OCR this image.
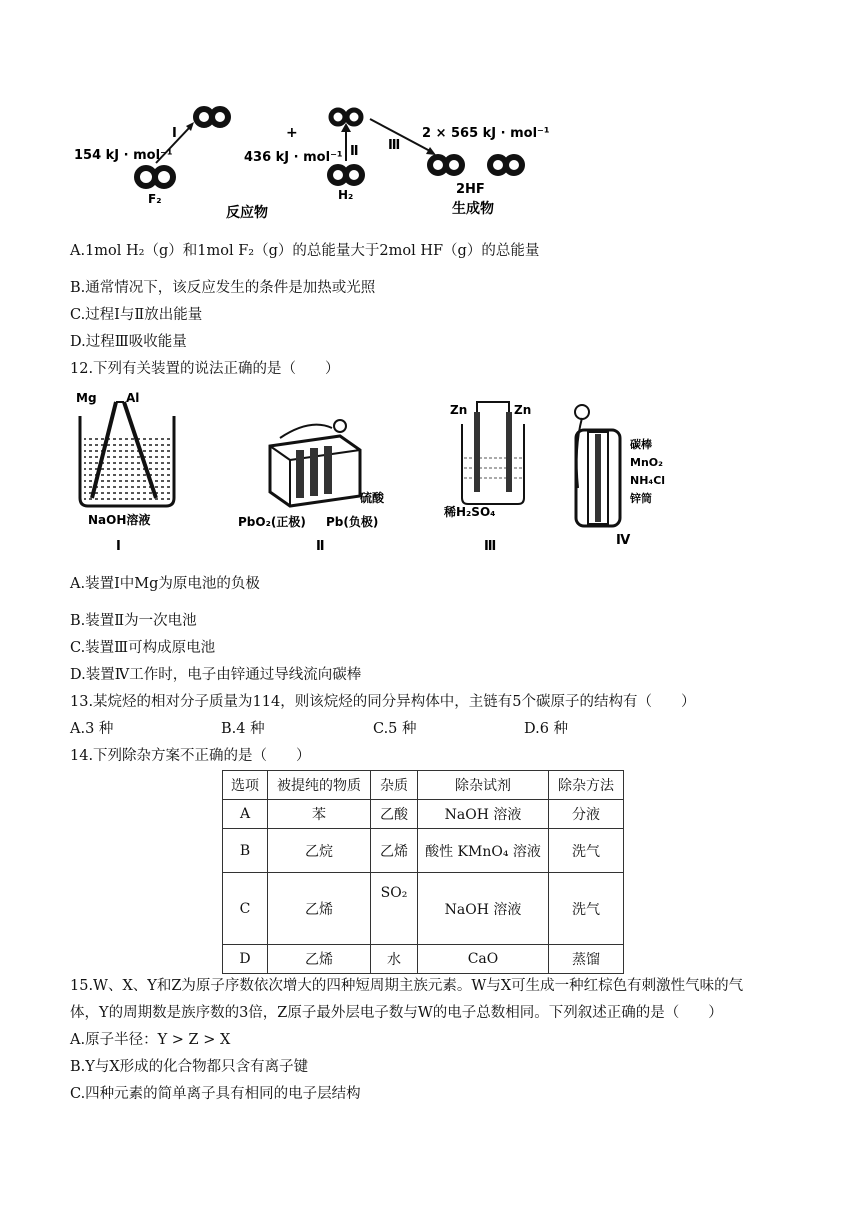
154 kJ · mol⁻¹
Ⅰ	+
436 kJ · mol⁻¹ Ⅱ
2 × 565 kJ · mol⁻¹
Ⅲ
F₂	H₂	2HF
反应物	生成物
A.1mol H₂（g）和1mol F₂（g）的总能量大于2mol HF（g）的总能量
B.通常情况下，该反应发生的条件是加热或光照
C.过程Ⅰ与Ⅱ放出能量
D.过程Ⅲ吸收能量
12.下列有关装置的说法正确的是（　　）
Mg Al
NaOH溶液
Ⅰ
硫酸
PbO₂(正极) Pb(负极)
Ⅱ
Zn	Zn
稀H₂SO₄
Ⅲ
碳棒
MnO₂
NH₄Cl
锌筒
Ⅳ
A.装置Ⅰ中Mg为原电池的负极
B.装置Ⅱ为一次电池
C.装置Ⅲ可构成原电池
D.装置Ⅳ工作时，电子由锌通过导线流向碳棒
13.某烷烃的相对分子质量为114，则该烷烃的同分异构体中，主链有5个碳原子的结构有（　　）
A.3 种	B.4 种	C.5 种	D.6 种
14.下列除杂方案不正确的是（　　）
选项	被提纯的物质	杂质	除杂试剂	除杂方法
A	苯	乙酸	NaOH 溶液	分液
B	乙烷	乙烯	酸性 KMnO₄ 溶液	洗气
C	乙烯	SO₂	NaOH 溶液	洗气
D	乙烯	水	CaO	蒸馏
15.W、X、Y和Z为原子序数依次增大的四种短周期主族元素。W与X可生成一种红棕色有刺激性气味的气
体，Y的周期数是族序数的3倍，Z原子最外层电子数与W的电子总数相同。下列叙述正确的是（　　）
A.原子半径：Y > Z > X
B.Y与X形成的化合物都只含有离子键
C.四种元素的简单离子具有相同的电子层结构
